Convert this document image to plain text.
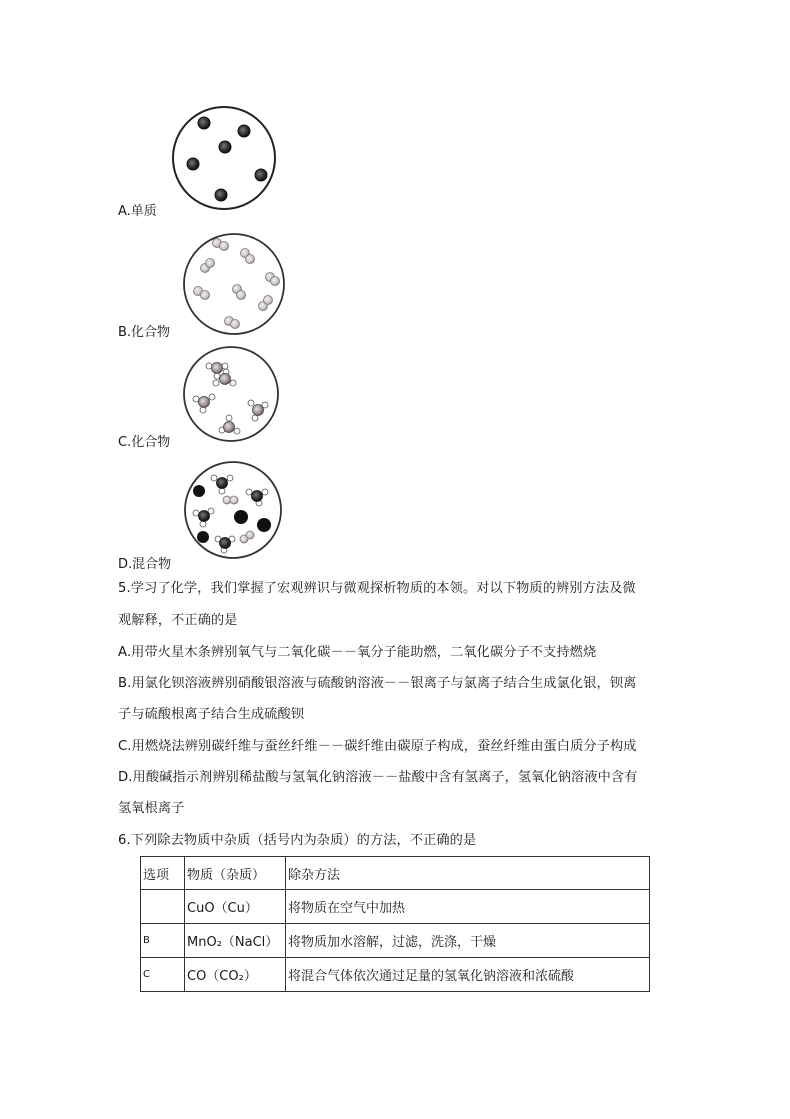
A.单质
B.化合物
C.化合物
D.混合物
5.学习了化学，我们掌握了宏观辨识与微观探析物质的本领。对以下物质的辨别方法及微
观解释，不正确的是
A.用带火星木条辨别氧气与二氧化碳－－氧分子能助燃，二氧化碳分子不支持燃烧
B.用氯化钡溶液辨别硝酸银溶液与硫酸钠溶液－－银离子与氯离子结合生成氯化银，钡离
子与硫酸根离子结合生成硫酸钡
C.用燃烧法辨别碳纤维与蚕丝纤维－－碳纤维由碳原子构成，蚕丝纤维由蛋白质分子构成
D.用酸碱指示剂辨别稀盐酸与氢氧化钠溶液－－盐酸中含有氢离子，氢氧化钠溶液中含有
氢氧根离子
6.下列除去物质中杂质（括号内为杂质）的方法，不正确的是
选项	物质（杂质）	除杂方法
	CuO（Cu）	将物质在空气中加热
B	MnO₂（NaCl）	将物质加水溶解，过滤，洗涤，干燥
C	CO（CO₂）	将混合气体依次通过足量的氢氧化钠溶液和浓硫酸
